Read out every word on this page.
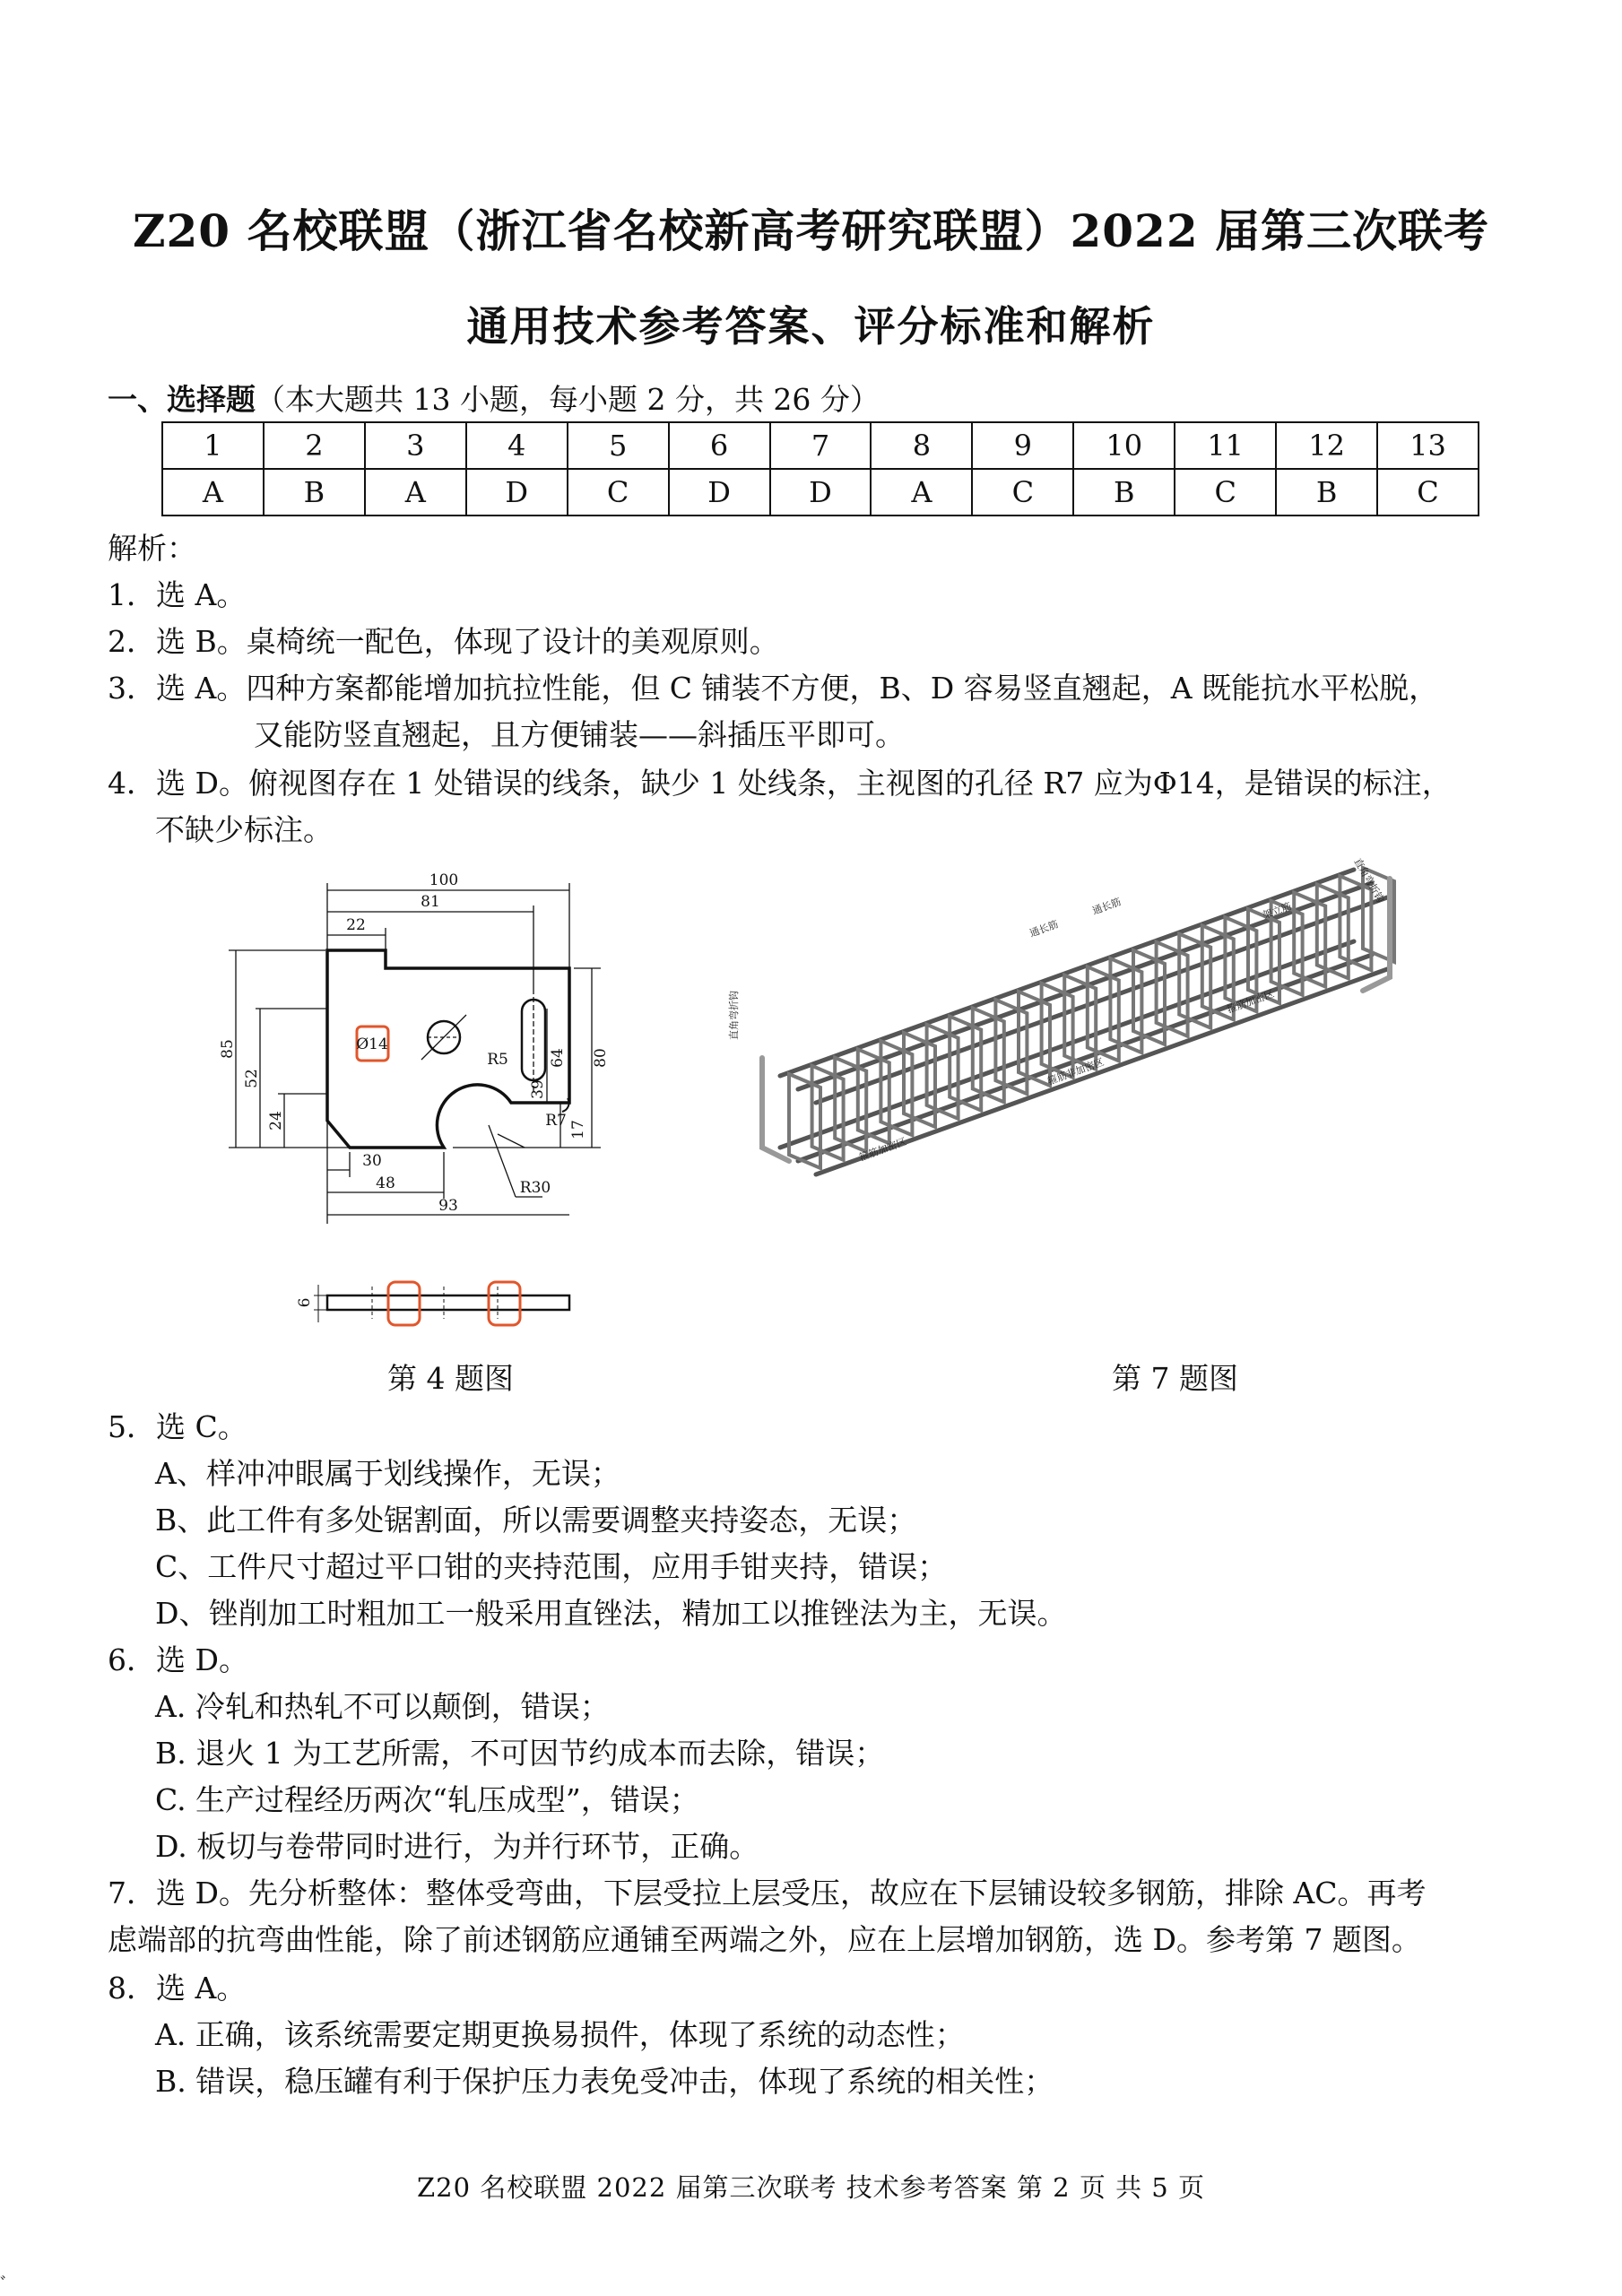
Z20 名校联盟（浙江省名校新高考研究联盟）2022 届第三次联考
通用技术参考答案、评分标准和解析
一、选择题（本大题共 13 小题，每小题 2 分，共 26 分）
1	2	3	4	5	6	7	8	9	10	11	12	13
A	B	A	D	C	D	D	A	C	B	C	B	C
解析：
1．选 A。
2．选 B。桌椅统一配色，体现了设计的美观原则。
3．选 A。四种方案都能增加抗拉性能，但 C 铺装不方便，B、D 容易竖直翘起，A 既能抗水平松脱，
又能防竖直翘起，且方便铺装——斜插压平即可。
4．选 D。俯视图存在 1 处错误的线条，缺少 1 处线条，主视图的孔径 R7 应为Φ14，是错误的标注，
不缺少标注。
100
81
22
85
52
24
30
48
93
80
64
39
17
R5
R7
R30
Ø14
6
第 4 题图
通长筋
通长筋	架立筋
箍筋加密区
箍筋非加密区
箍筋加密区
直角弯折钩
直角弯折钩
第 7 题图
5．选 C。
A、样冲冲眼属于划线操作，无误；
B、此工件有多处锯割面，所以需要调整夹持姿态，无误；
C、工件尺寸超过平口钳的夹持范围，应用手钳夹持，错误；
D、锉削加工时粗加工一般采用直锉法，精加工以推锉法为主，无误。
6．选 D。
A. 冷轧和热轧不可以颠倒，错误；
B. 退火 1 为工艺所需，不可因节约成本而去除，错误；
C. 生产过程经历两次“轧压成型”，错误；
D. 板切与卷带同时进行，为并行环节，正确。
7．选 D。先分析整体：整体受弯曲，下层受拉上层受压，故应在下层铺设较多钢筋，排除 AC。再考
虑端部的抗弯曲性能，除了前述钢筋应通铺至两端之外，应在上层增加钢筋，选 D。参考第 7 题图。
8．选 A。
A. 正确，该系统需要定期更换易损件，体现了系统的动态性；
B. 错误，稳压罐有利于保护压力表免受冲击，体现了系统的相关性；
Z20 名校联盟 2022 届第三次联考 技术参考答案 第 2 页 共 5 页
ﾞ
